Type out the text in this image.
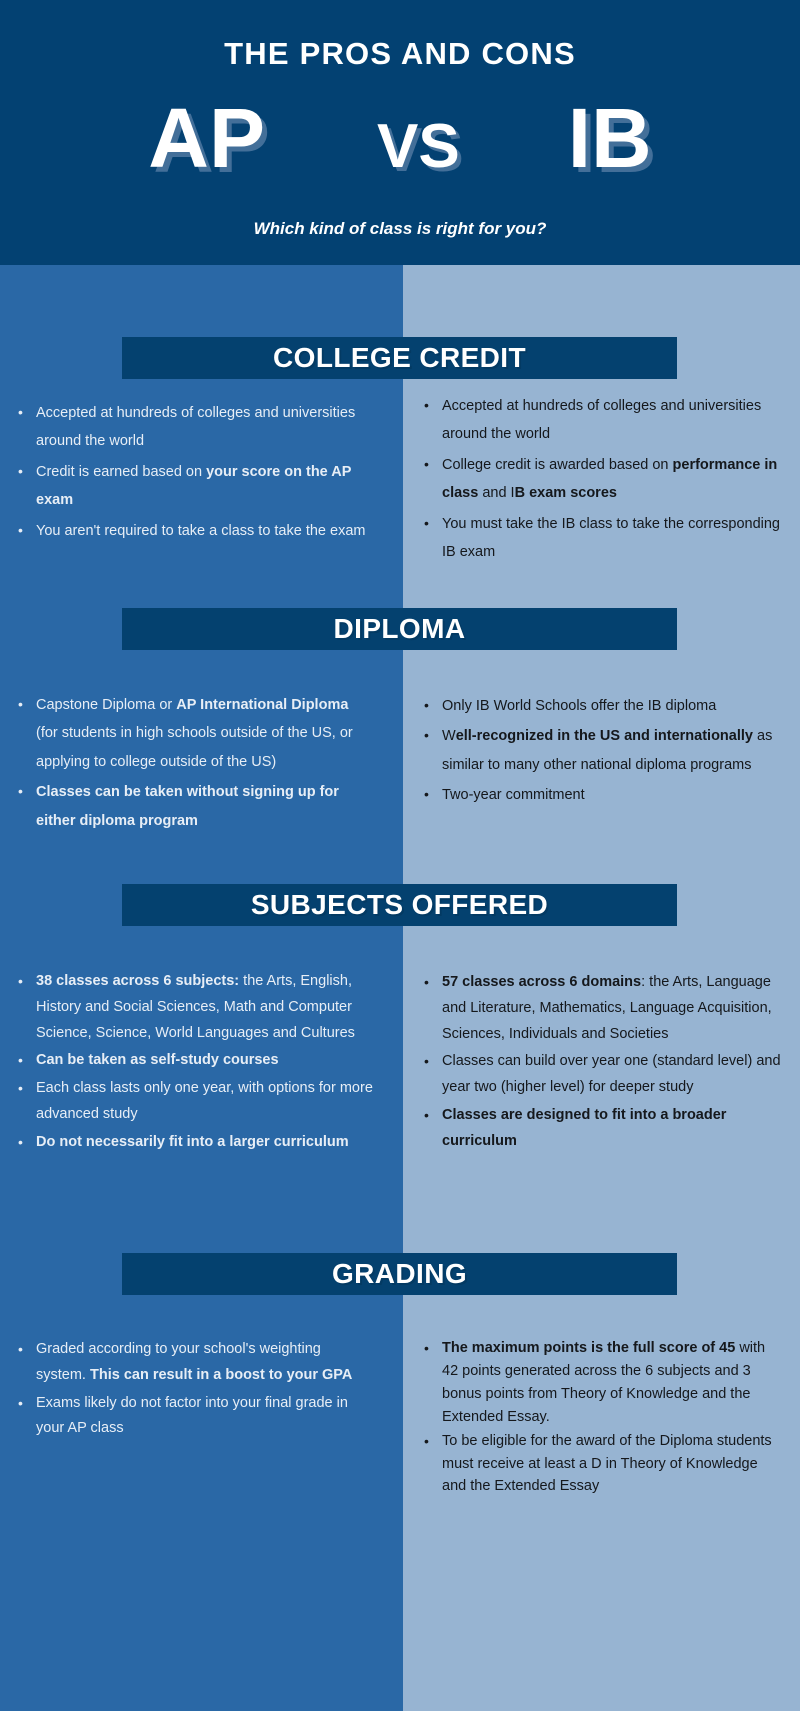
THE PROS AND CONS
AP VS IB
Which kind of class is right for you?
COLLEGE CREDIT
• Accepted at hundreds of colleges and universities around the world
• Credit is earned based on your score on the AP exam
• You aren't required to take a class to take the exam
• Accepted at hundreds of colleges and universities around the world
• College credit is awarded based on performance in class and IB exam scores
• You must take the IB class to take the corresponding IB exam
DIPLOMA
• Capstone Diploma or AP International Diploma (for students in high schools outside of the US, or applying to college outside of the US)
• Classes can be taken without signing up for either diploma program
• Only IB World Schools offer the IB diploma
• Well-recognized in the US and internationally as similar to many other national diploma programs
• Two-year commitment
SUBJECTS OFFERED
• 38 classes across 6 subjects: the Arts, English, History and Social Sciences, Math and Computer Science, Science, World Languages and Cultures
• Can be taken as self-study courses
• Each class lasts only one year, with options for more advanced study
• Do not necessarily fit into a larger curriculum
• 57 classes across 6 domains: the Arts, Language and Literature, Mathematics, Language Acquisition, Sciences, Individuals and Societies
• Classes can build over year one (standard level) and year two (higher level) for deeper study
• Classes are designed to fit into a broader curriculum
GRADING
• Graded according to your school's weighting system. This can result in a boost to your GPA
• Exams likely do not factor into your final grade in your AP class
• The maximum points is the full score of 45 with 42 points generated across the 6 subjects and 3 bonus points from Theory of Knowledge and the Extended Essay.
• To be eligible for the award of the Diploma students must receive at least a D in Theory of Knowledge and the Extended Essay
